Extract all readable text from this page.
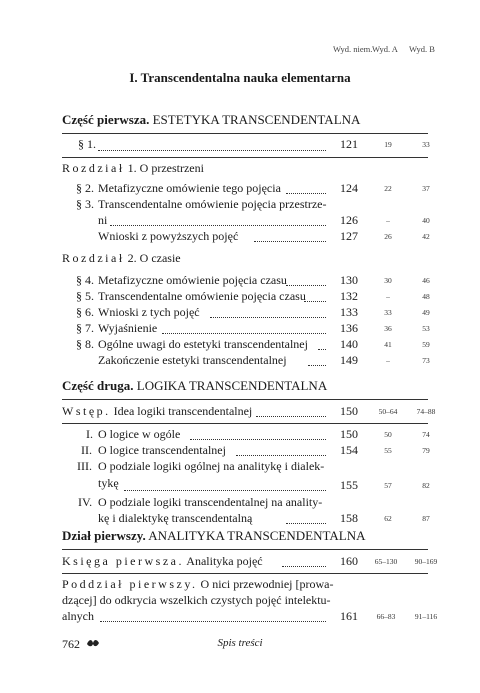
Wyd. niem. Wyd. A Wyd. B
I. Transcendentalna nauka elementarna
Część pierwsza. ESTETYKA TRANSCENDENTALNA
§ 1.	121	19	33
Rozdział 1. O przestrzeni
§ 2. Metafizyczne omówienie tego pojęcia	124	22	37
§ 3. Transcendentalne omówienie pojęcia przestrze-
ni	126	–	40
Wnioski z powyższych pojęć	127	26	42
Rozdział 2. O czasie
§ 4. Metafizyczne omówienie pojęcia czasu	130	30	46
§ 5. Transcendentalne omówienie pojęcia czasu	132	–	48
§ 6. Wnioski z tych pojęć	133	33	49
§ 7. Wyjaśnienie	136	36	53
§ 8. Ogólne uwagi do estetyki transcendentalnej	140	41	59
Zakończenie estetyki transcendentalnej	149	–	73
Część druga. LOGIKA TRANSCENDENTALNA
Wstęp. Idea logiki transcendentalnej	150	50–64	74–88
I. O logice w ogóle	150	50	74
II. O logice transcendentalnej	154	55	79
III. O podziale logiki ogólnej na analitykę i dialek-
tykę	155	57	82
IV. O podziale logiki transcendentalnej na anality-
kę i dialektykę transcendentalną	158	62	87
Dział pierwszy. ANALITYKA TRANSCENDENTALNA
Księga pierwsza. Analityka pojęć	160	65–130	90–169
Poddział pierwszy. O nici przewodniej [prowa-
dzącej] do odkrycia wszelkich czystych pojęć intelektu-
alnych	161	66–83	91–116
762	Spis treści
